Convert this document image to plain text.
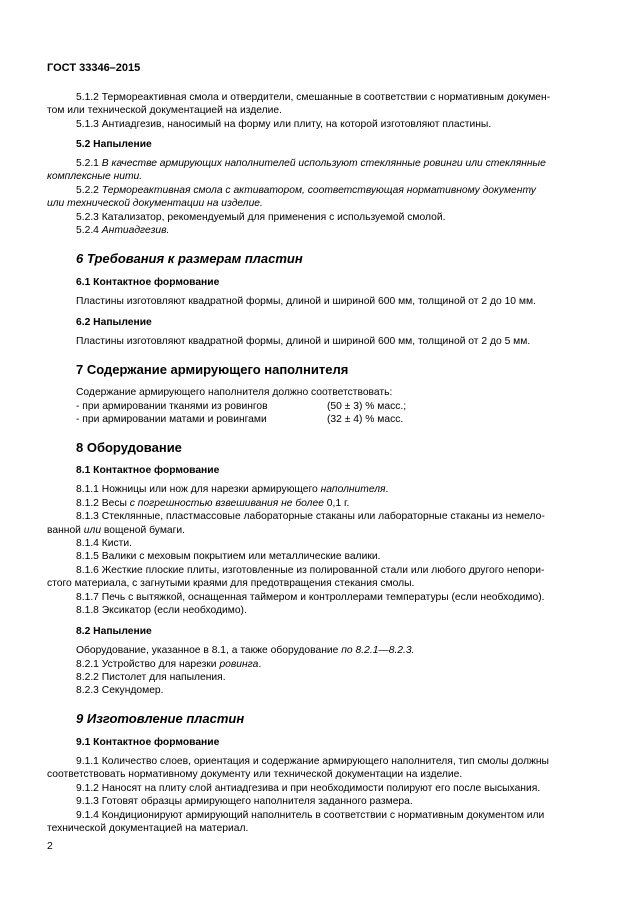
ГОСТ 33346–2015
5.1.2 Термореактивная смола и отвердители, смешанные в соответствии с нормативным докумен-
том или технической документацией на изделие.
5.1.3 Антиадгезив, наносимый на форму или плиту, на которой изготовляют пластины.
5.2 Напыление
5.2.1 В качестве армирующих наполнителей используют стеклянные ровинги или стеклянные
комплексные нити.
5.2.2 Термореактивная смола с активатором, соответствующая нормативному документу
или технической документации на изделие.
5.2.3 Катализатор, рекомендуемый для применения с используемой смолой.
5.2.4 Антиадгезив.
6 Требования к размерам пластин
6.1 Контактное формование
Пластины изготовляют квадратной формы, длиной и шириной 600 мм, толщиной от 2 до 10 мм.
6.2 Напыление
Пластины изготовляют квадратной формы, длиной и шириной 600 мм, толщиной от 2 до 5 мм.
7 Содержание армирующего наполнителя
Содержание армирующего наполнителя должно соответствовать:
- при армировании тканями из ровингов	(50 ± 3) % масс.;
- при армировании матами и ровингами	(32 ± 4) % масс.
8 Оборудование
8.1 Контактное формование
8.1.1 Ножницы или нож для нарезки армирующего наполнителя.
8.1.2 Весы с погрешностью взвешивания не более 0,1 г.
8.1.3 Стеклянные, пластмассовые лабораторные стаканы или лабораторные стаканы из немело-
ванной или вощеной бумаги.
8.1.4 Кисти.
8.1.5 Валики с меховым покрытием или металлические валики.
8.1.6 Жесткие плоские плиты, изготовленные из полированной стали или любого другого непори-
стого материала, с загнутыми краями для предотвращения стекания смолы.
8.1.7 Печь с вытяжкой, оснащенная таймером и контроллерами температуры (если необходимо).
8.1.8 Эксикатор (если необходимо).
8.2 Напыление
Оборудование, указанное в 8.1, а также оборудование по 8.2.1—8.2.3.
8.2.1 Устройство для нарезки ровинга.
8.2.2 Пистолет для напыления.
8.2.3 Секундомер.
9 Изготовление пластин
9.1 Контактное формование
9.1.1 Количество слоев, ориентация и содержание армирующего наполнителя, тип смолы должны
соответствовать нормативному документу или технической документации на изделие.
9.1.2 Наносят на плиту слой антиадгезива и при необходимости полируют его после высыхания.
9.1.3 Готовят образцы армирующего наполнителя заданного размера.
9.1.4 Кондиционируют армирующий наполнитель в соответствии с нормативным документом или
технической документацией на материал.
2
